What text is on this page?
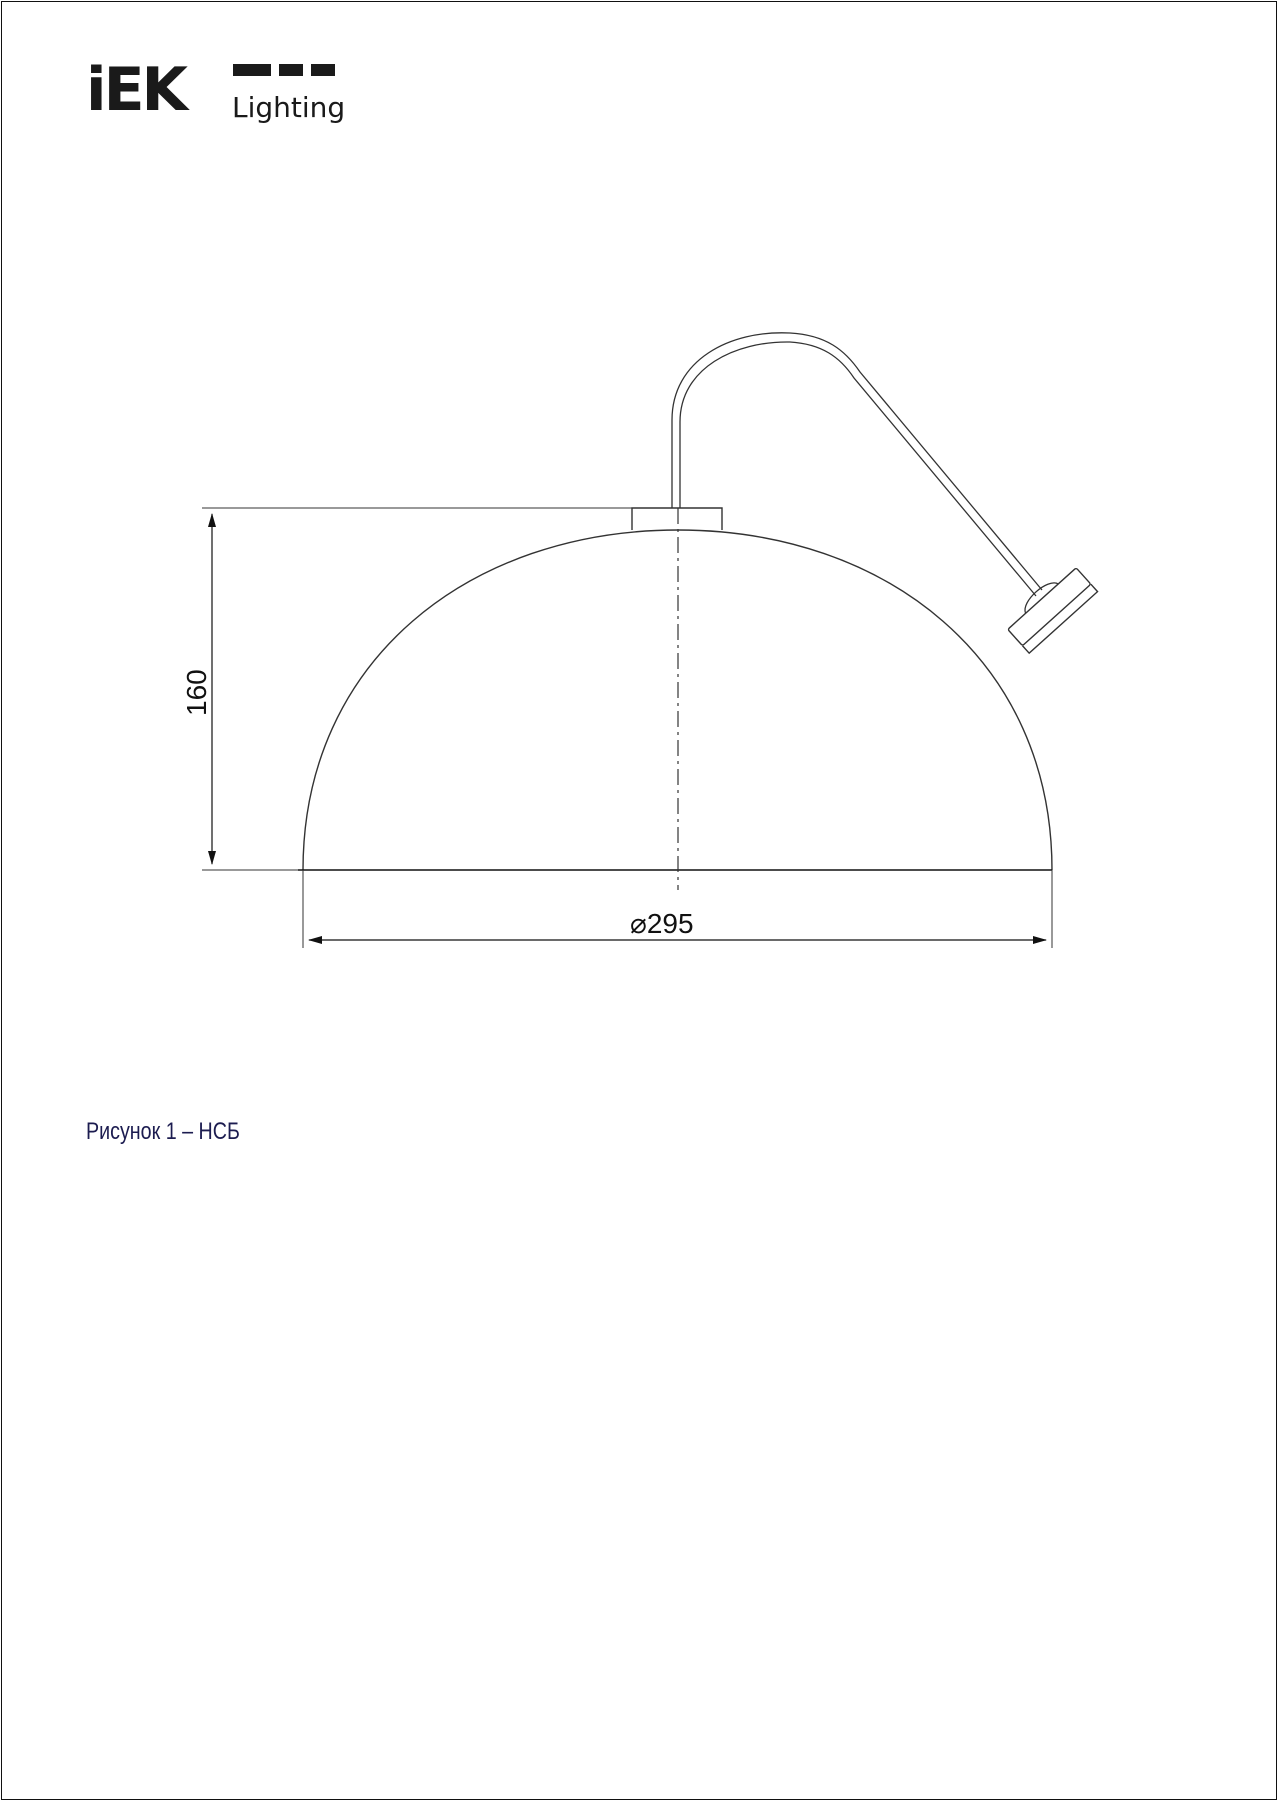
iEK Lighting
160
⌀295
Рисунок 1 – НСБ
